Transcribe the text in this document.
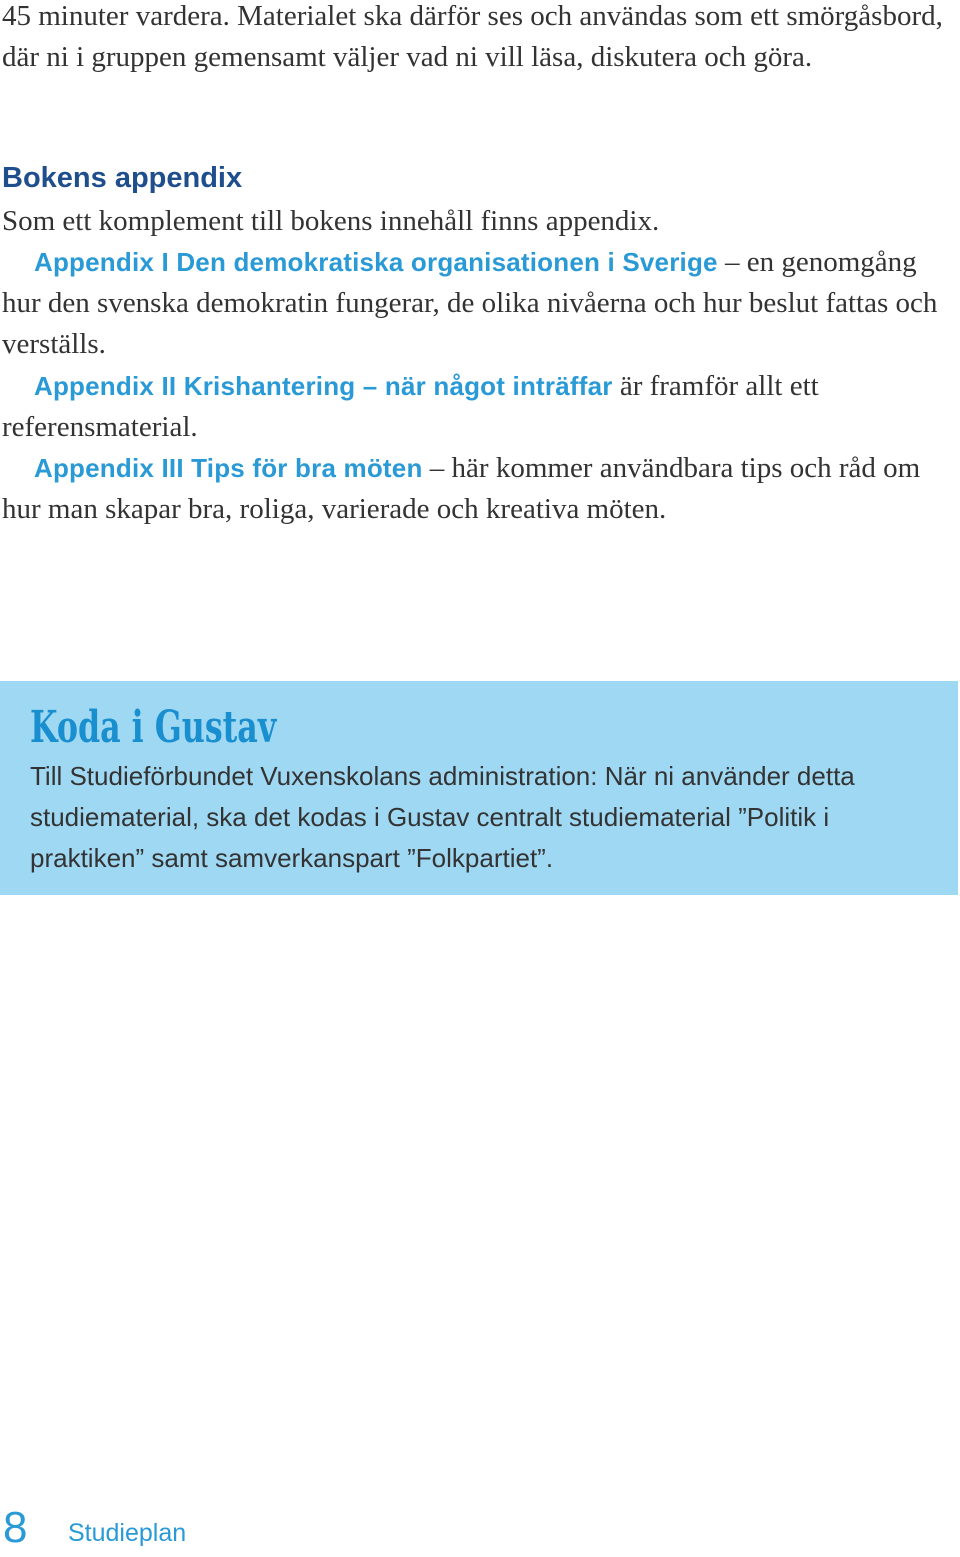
45 minuter vardera. Materialet ska därför ses och användas som ett smörgåsbord, där ni i gruppen gemensamt väljer vad ni vill läsa, diskutera och göra.

Bokens appendix

Som ett komplement till bokens innehåll finns appendix.

Appendix I Den demokratiska organisationen i Sverige – en genomgång hur den svenska demokratin fungerar, de olika nivåerna och hur beslut fattas och verställs.

Appendix II Krishantering – när något inträffar är framför allt ett referensmaterial.

Appendix III Tips för bra möten – här kommer användbara tips och råd om hur man skapar bra, roliga, varierade och kreativa möten.

Koda i Gustav

Till Studieförbundet Vuxenskolans administration: När ni använder detta studiematerial, ska det kodas i Gustav centralt studiematerial ”Politik i praktiken” samt samverkanspart ”Folkpartiet”.

8 Studieplan
